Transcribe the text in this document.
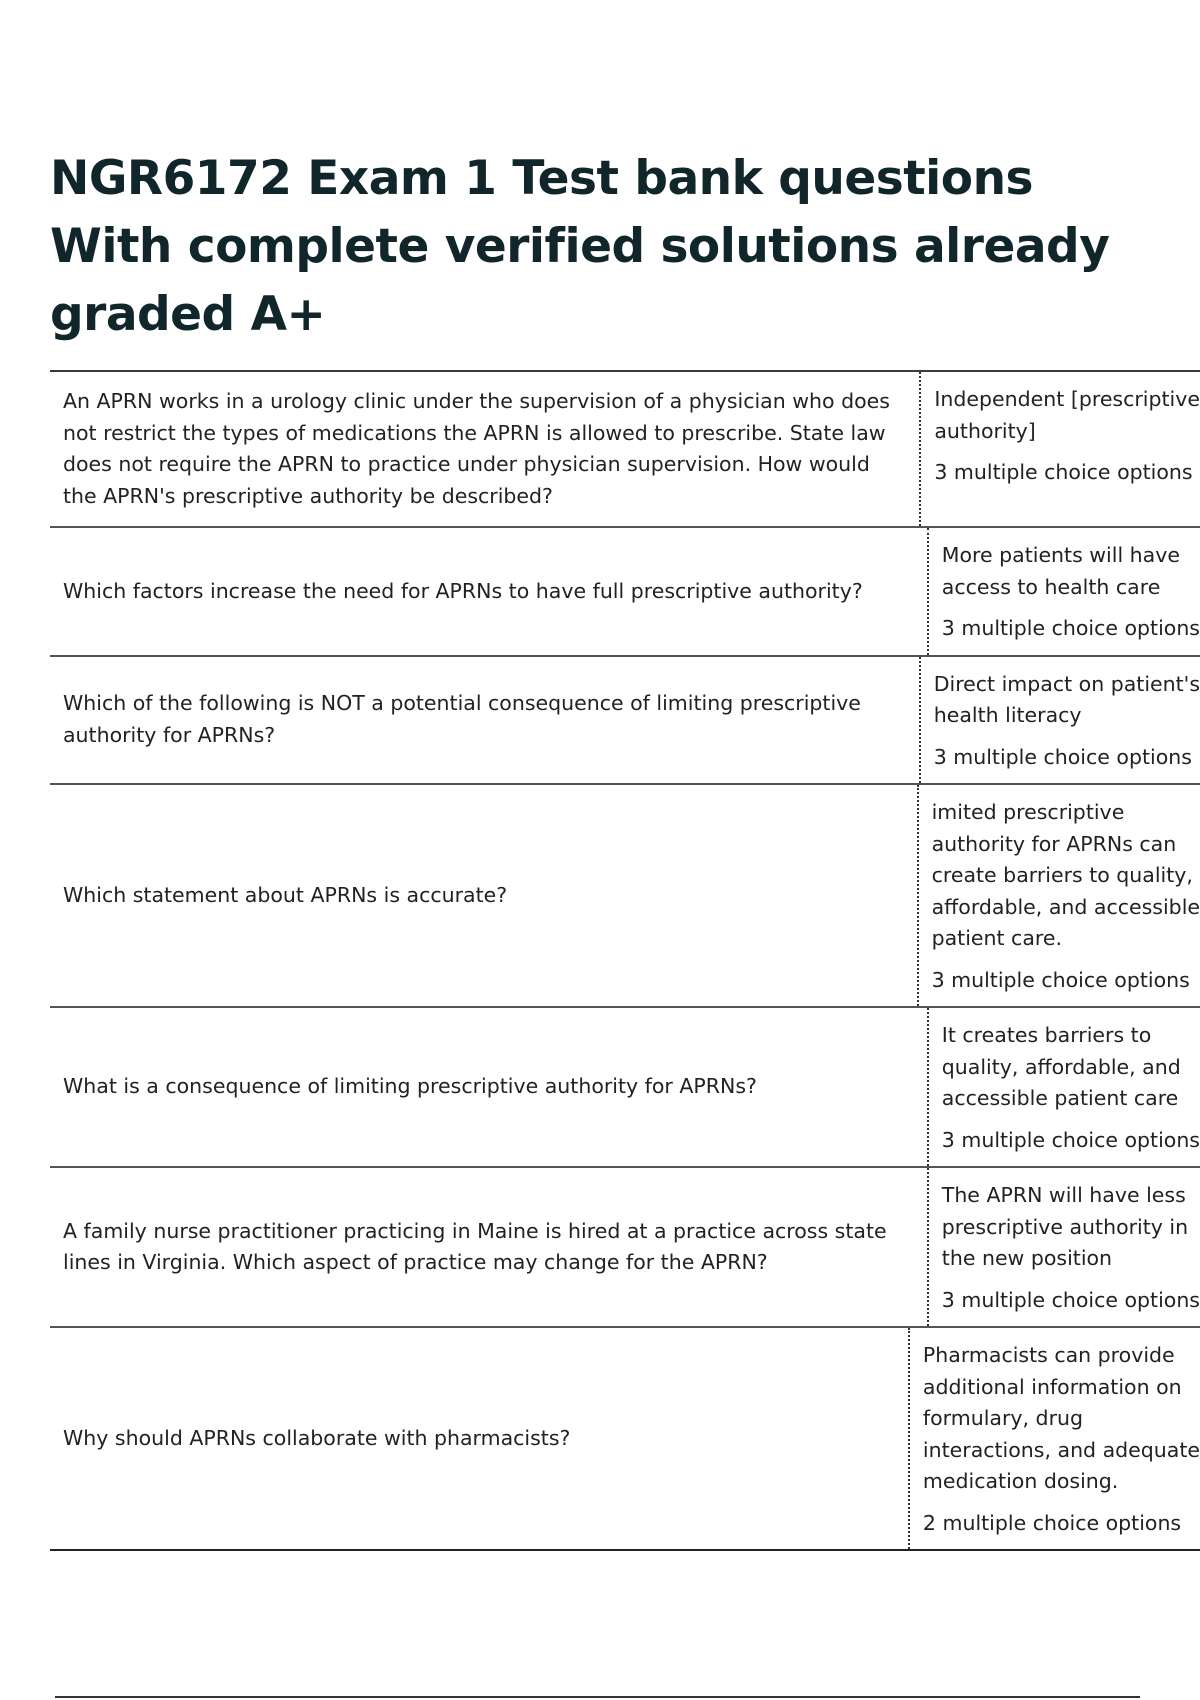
NGR6172 Exam 1 Test bank questions With complete verified solutions already graded A+
An APRN works in a urology clinic under the supervision of a physician who does not restrict the types of medications the APRN is allowed to prescribe. State law does not require the APRN to practice under physician supervision. How would the APRN's prescriptive authority be described?
Independent [prescriptive
authority]
3 multiple choice options
Which factors increase the need for APRNs to have full prescriptive authority?
More patients will have
access to health care
3 multiple choice options
Which of the following is NOT a potential consequence of limiting prescriptive authority for APRNs?
Direct impact on patient's
health literacy
3 multiple choice options
Which statement about APRNs is accurate?
imited prescriptive
authority for APRNs can
create barriers to quality,
affordable, and accessible
patient care.
3 multiple choice options
What is a consequence of limiting prescriptive authority for APRNs?
It creates barriers to
quality, affordable, and
accessible patient care
3 multiple choice options
A family nurse practitioner practicing in Maine is hired at a practice across state lines in Virginia. Which aspect of practice may change for the APRN?
The APRN will have less
prescriptive authority in
the new position
3 multiple choice options
Why should APRNs collaborate with pharmacists?
Pharmacists can provide
additional information on
formulary, drug
interactions, and adequate
medication dosing.
2 multiple choice options
